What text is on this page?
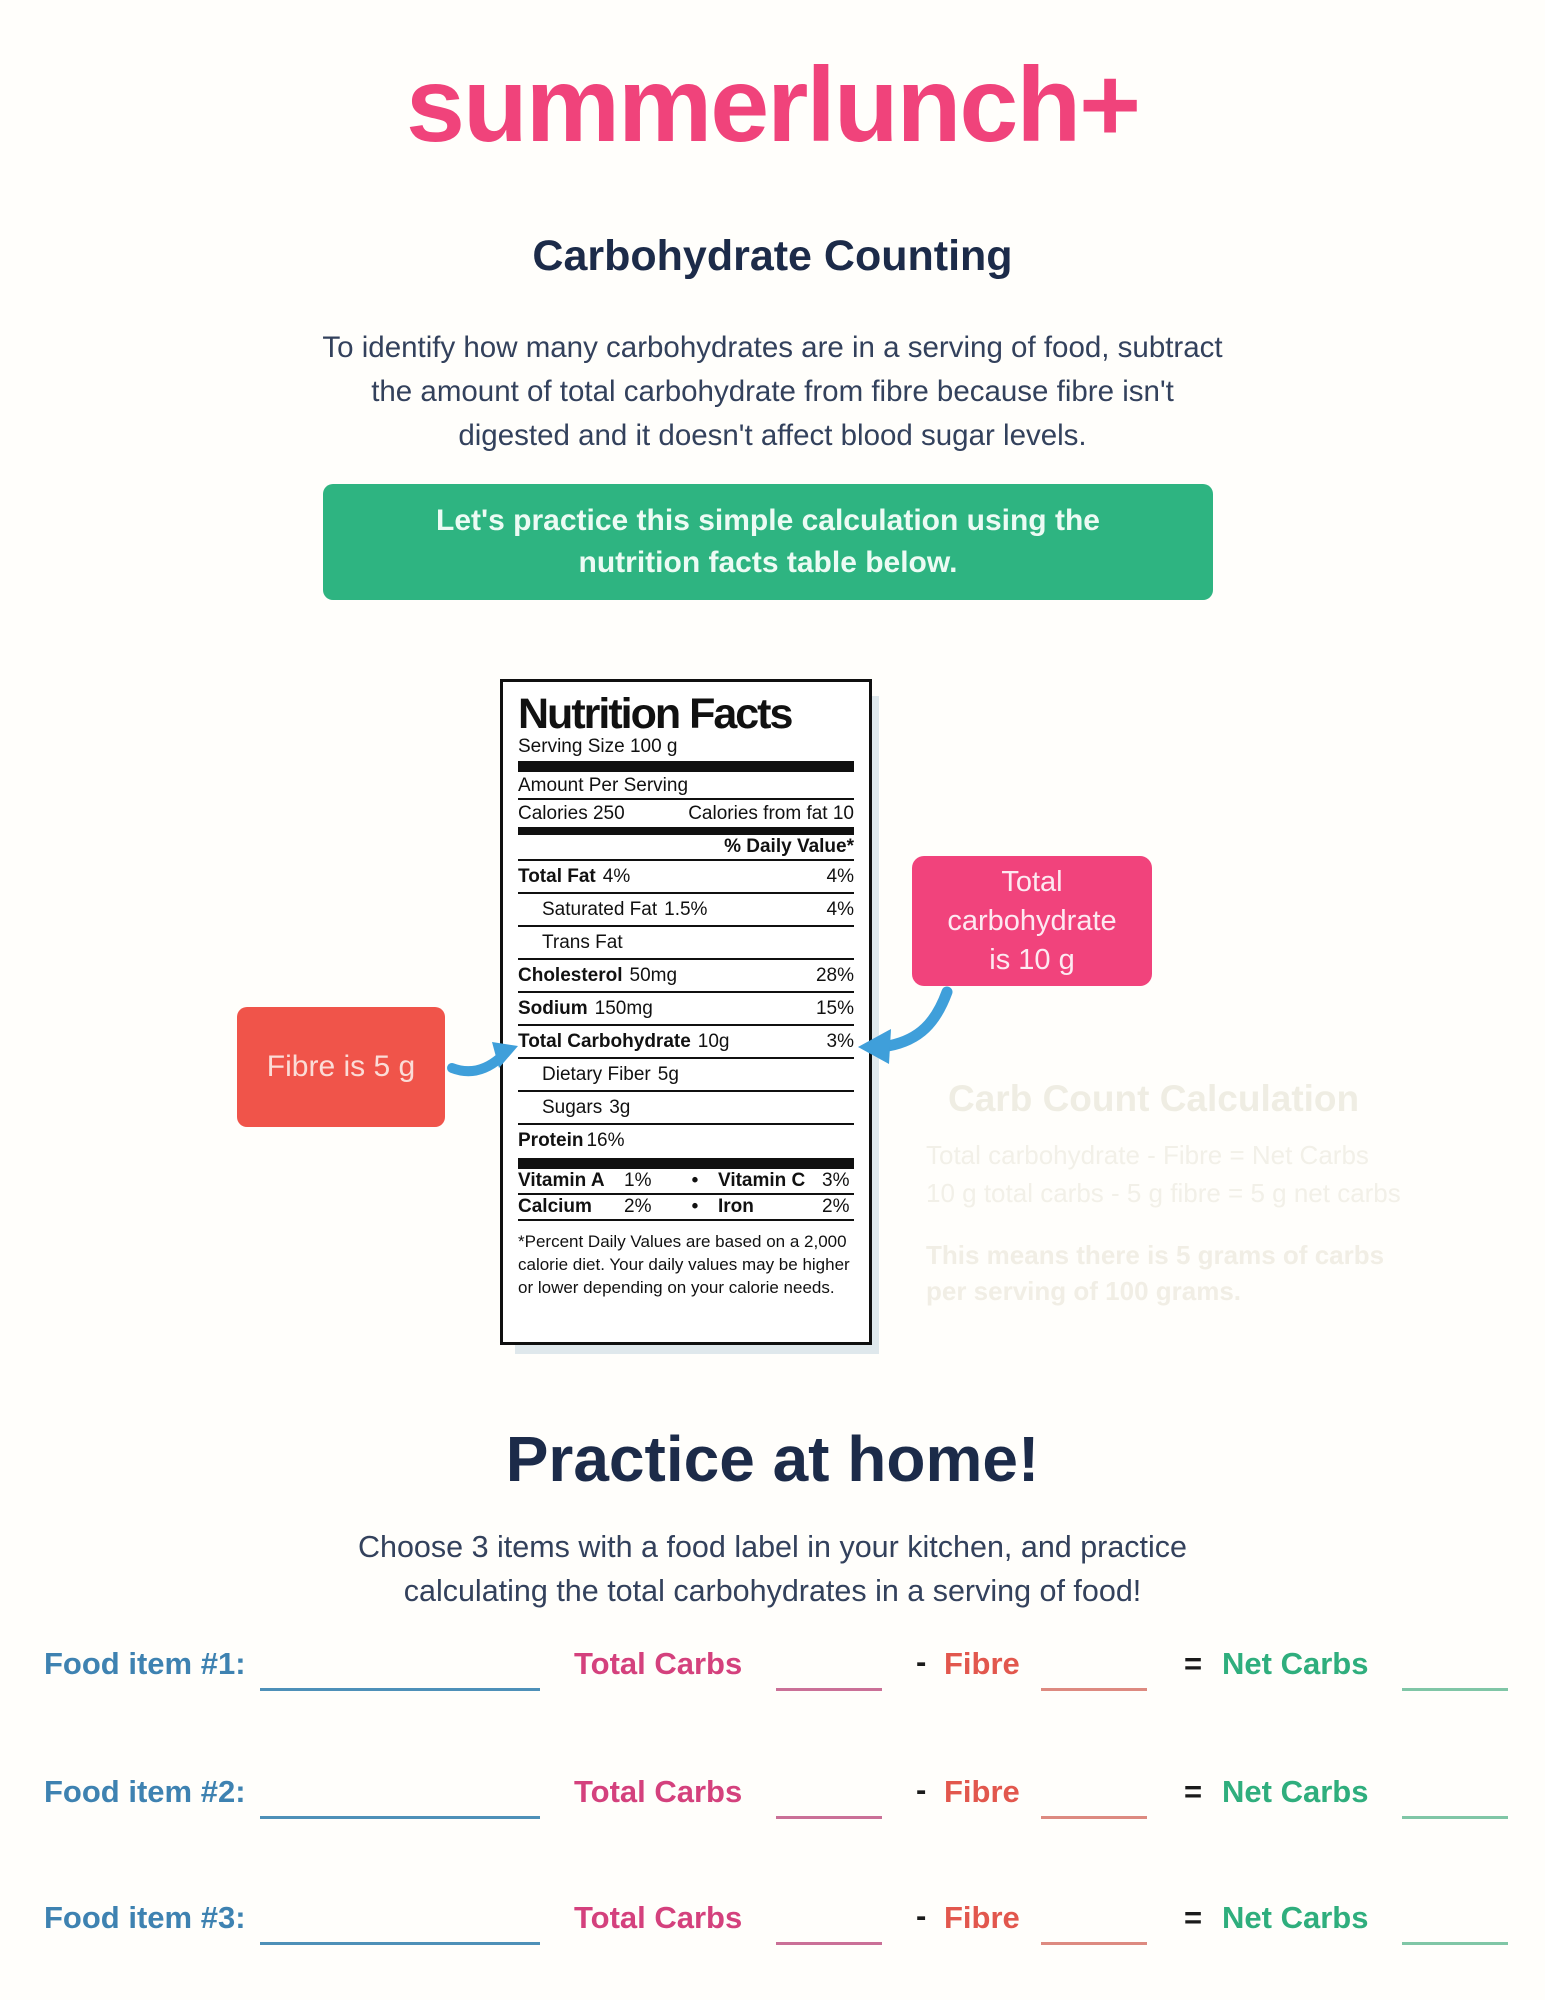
summerlunch+
Carbohydrate Counting
To identify how many carbohydrates are in a serving of food, subtract
the amount of total carbohydrate from fibre because fibre isn't
digested and it doesn't affect blood sugar levels.
Let's practice this simple calculation using the
nutrition facts table below.
Nutrition Facts
Serving Size 100 g
Amount Per Serving
Calories 250	Calories from fat 10
% Daily Value*
Total Fat 4%	4%
Saturated Fat 1.5%	4%
Trans Fat
Cholesterol 50mg	28%
Sodium 150mg	15%
Total Carbohydrate 10g	3%
Dietary Fiber 5g
Sugars 3g
Protein 16%
Vitamin A	1%	•	Vitamin C 3%
Calcium	2%	•	Iron	2%
*Percent Daily Values are based on a 2,000 calorie diet. Your daily values may be higher or lower depending on your calorie needs.
Total
carbohydrate
is 10 g
Fibre is 5 g
Carb Count Calculation
Total carbohydrate - Fibre = Net Carbs
10 g total carbs - 5 g fibre = 5 g net carbs
This means there is 5 grams of carbs
per serving of 100 grams.
Practice at home!
Choose 3 items with a food label in your kitchen, and practice
calculating the total carbohydrates in a serving of food!
Food item #1:	Total Carbs	- Fibre	= Net Carbs
Food item #2:	Total Carbs	- Fibre	= Net Carbs
Food item #3:	Total Carbs	- Fibre	= Net Carbs
